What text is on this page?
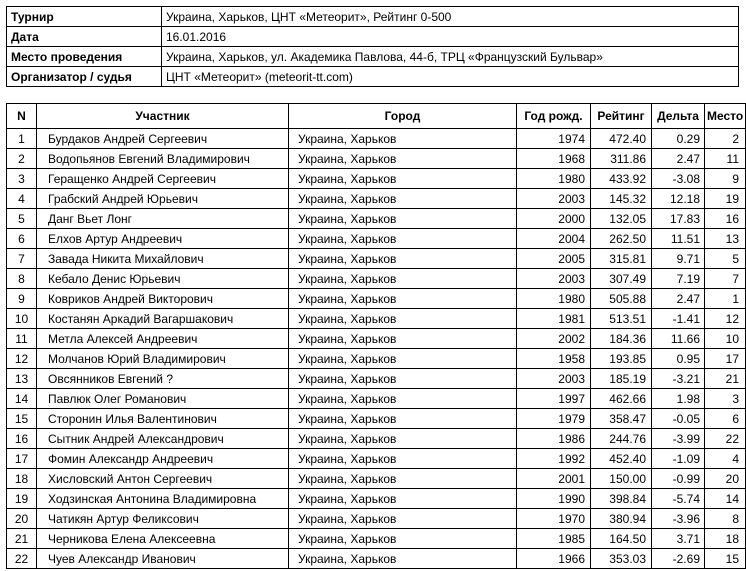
Турнир	Украина, Харьков, ЦНТ «Метеорит», Рейтинг 0-500
Дата	16.01.2016
Место проведения	Украина, Харьков, ул. Академика Павлова, 44-б, ТРЦ «Французский Бульвар»
Организатор / судья	ЦНТ «Метеорит» (meteorit-tt.com)
N	Участник	Город	Год рожд.	Рейтинг	Дельта	Место
1	Бурдаков Андрей Сергеевич	Украина, Харьков	1974	472.40	0.29	2
2	Водопьянов Евгений Владимирович	Украина, Харьков	1968	311.86	2.47	11
3	Геращенко Андрей Сергеевич	Украина, Харьков	1980	433.92	-3.08	9
4	Грабский Андрей Юрьевич	Украина, Харьков	2003	145.32	12.18	19
5	Данг Вьет Лонг	Украина, Харьков	2000	132.05	17.83	16
6	Елхов Артур Андреевич	Украина, Харьков	2004	262.50	11.51	13
7	Завада Никита Михайлович	Украина, Харьков	2005	315.81	9.71	5
8	Кебало Денис Юрьевич	Украина, Харьков	2003	307.49	7.19	7
9	Ковриков Андрей Викторович	Украина, Харьков	1980	505.88	2.47	1
10	Костанян Аркадий Вагаршакович	Украина, Харьков	1981	513.51	-1.41	12
11	Метла Алексей Андреевич	Украина, Харьков	2002	184.36	11.66	10
12	Молчанов Юрий Владимирович	Украина, Харьков	1958	193.85	0.95	17
13	Овсянников Евгений ?	Украина, Харьков	2003	185.19	-3.21	21
14	Павлюк Олег Романович	Украина, Харьков	1997	462.66	1.98	3
15	Сторонин Илья Валентинович	Украина, Харьков	1979	358.47	-0.05	6
16	Сытник Андрей Александрович	Украина, Харьков	1986	244.76	-3.99	22
17	Фомин Александр Андреевич	Украина, Харьков	1992	452.40	-1.09	4
18	Хисловский Антон Сергеевич	Украина, Харьков	2001	150.00	-0.99	20
19	Ходзинская Антонина Владимировна	Украина, Харьков	1990	398.84	-5.74	14
20	Чатикян Артур Феликсович	Украина, Харьков	1970	380.94	-3.96	8
21	Черникова Елена Алексеевна	Украина, Харьков	1985	164.50	3.71	18
22	Чуев Александр Иванович	Украина, Харьков	1966	353.03	-2.69	15
